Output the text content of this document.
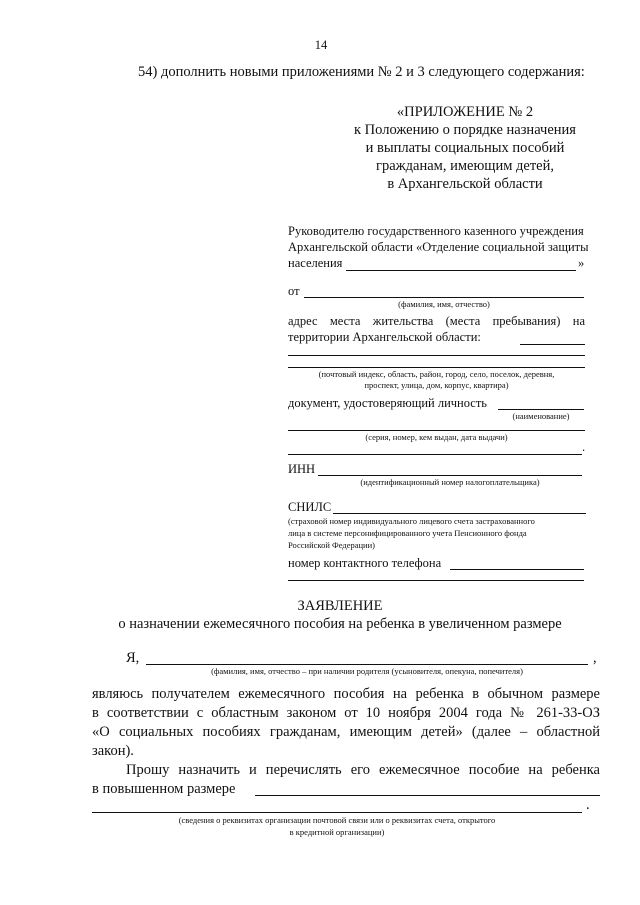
14
54) дополнить новыми приложениями № 2 и 3 следующего содержания:
«ПРИЛОЖЕНИЕ № 2
к Положению о порядке назначения
и выплаты социальных пособий
гражданам, имеющим детей,
в Архангельской области
Руководителю государственного казенного учреждения
Архангельской области «Отделение социальной защиты
населения	»
от
(фамилия, имя, отчество)
адрес места жительства (места пребывания) на
территории Архангельской области:
(почтовый индекс, область, район, город, село, поселок, деревня,
проспект, улица, дом, корпус, квартира)
документ, удостоверяющий личность
(наименование)
(серия, номер, кем выдан, дата выдачи)
.
ИНН
(идентификационный номер налогоплательщика)
СНИЛС
(страховой номер индивидуального лицевого счета застрахованного
лица в системе персонифицированного учета Пенсионного фонда
Российской Федерации)
номер контактного телефона
ЗАЯВЛЕНИЕ
о назначении ежемесячного пособия на ребенка в увеличенном размере
Я,	,
(фамилия, имя, отчество – при наличии родителя (усыновителя, опекуна, попечителя)
являюсь получателем ежемесячного пособия на ребенка в обычном размере
в соответствии с областным законом от 10 ноября 2004 года № 261-33-ОЗ
«О социальных пособиях гражданам, имеющим детей» (далее – областной
закон).
Прошу назначить и перечислять его ежемесячное пособие на ребенка
в повышенном размере
.
(сведения о реквизитах организации почтовой связи или о реквизитах счета, открытого
в кредитной организации)
